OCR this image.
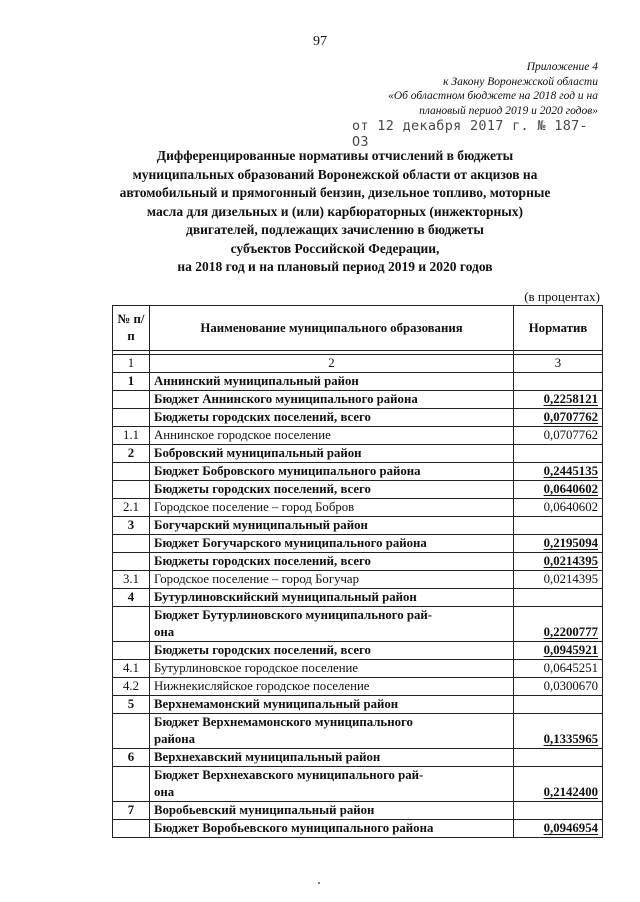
97
Приложение 4
к Закону Воронежской области
«Об областном бюджете на 2018 год и на
плановый период 2019 и 2020 годов»
от 12 декабря 2017 г. № 187-ОЗ
Дифференцированные нормативы отчислений в бюджеты
муниципальных образований Воронежской области от акцизов на
автомобильный и прямогонный бензин, дизельное топливо, моторные
масла для дизельных и (или) карбюраторных (инжекторных)
двигателей, подлежащих зачислению в бюджеты
субъектов Российской Федерации,
на 2018 год и на плановый период 2019 и 2020 годов
(в процентах)
№ п/п	Наименование муниципального образования	Норматив

1	2	3
1	Аннинский муниципальный район	
	Бюджет Аннинского муниципального района	0,2258121
	Бюджеты городских поселений, всего	0,0707762
1.1	Аннинское городское поселение	0,0707762
2	Бобровский муниципальный район	
	Бюджет Бобровского муниципального района	0,2445135
	Бюджеты городских поселений, всего	0,0640602
2.1	Городское поселение – город Бобров	0,0640602
3	Богучарский муниципальный район	
	Бюджет Богучарского муниципального района	0,2195094
	Бюджеты городских поселений, всего	0,0214395
3.1	Городское поселение – город Богучар	0,0214395
4	Бутурлиновскийский муниципальный район	
	Бюджет Бутурлиновского муниципального рай-
она	0,2200777
	Бюджеты городских поселений, всего	0,0945921
4.1	Бутурлиновское городское поселение	0,0645251
4.2	Нижнекисляйское городское поселение	0,0300670
5	Верхнемамонский муниципальный район	
	Бюджет Верхнемамонского муниципального
района	0,1335965
6	Верхнехавский муниципальный район	
	Бюджет Верхнехавского муниципального рай-
она	0,2142400
7	Воробьевский муниципальный район	
	Бюджет Воробьевского муниципального района	0,0946954
